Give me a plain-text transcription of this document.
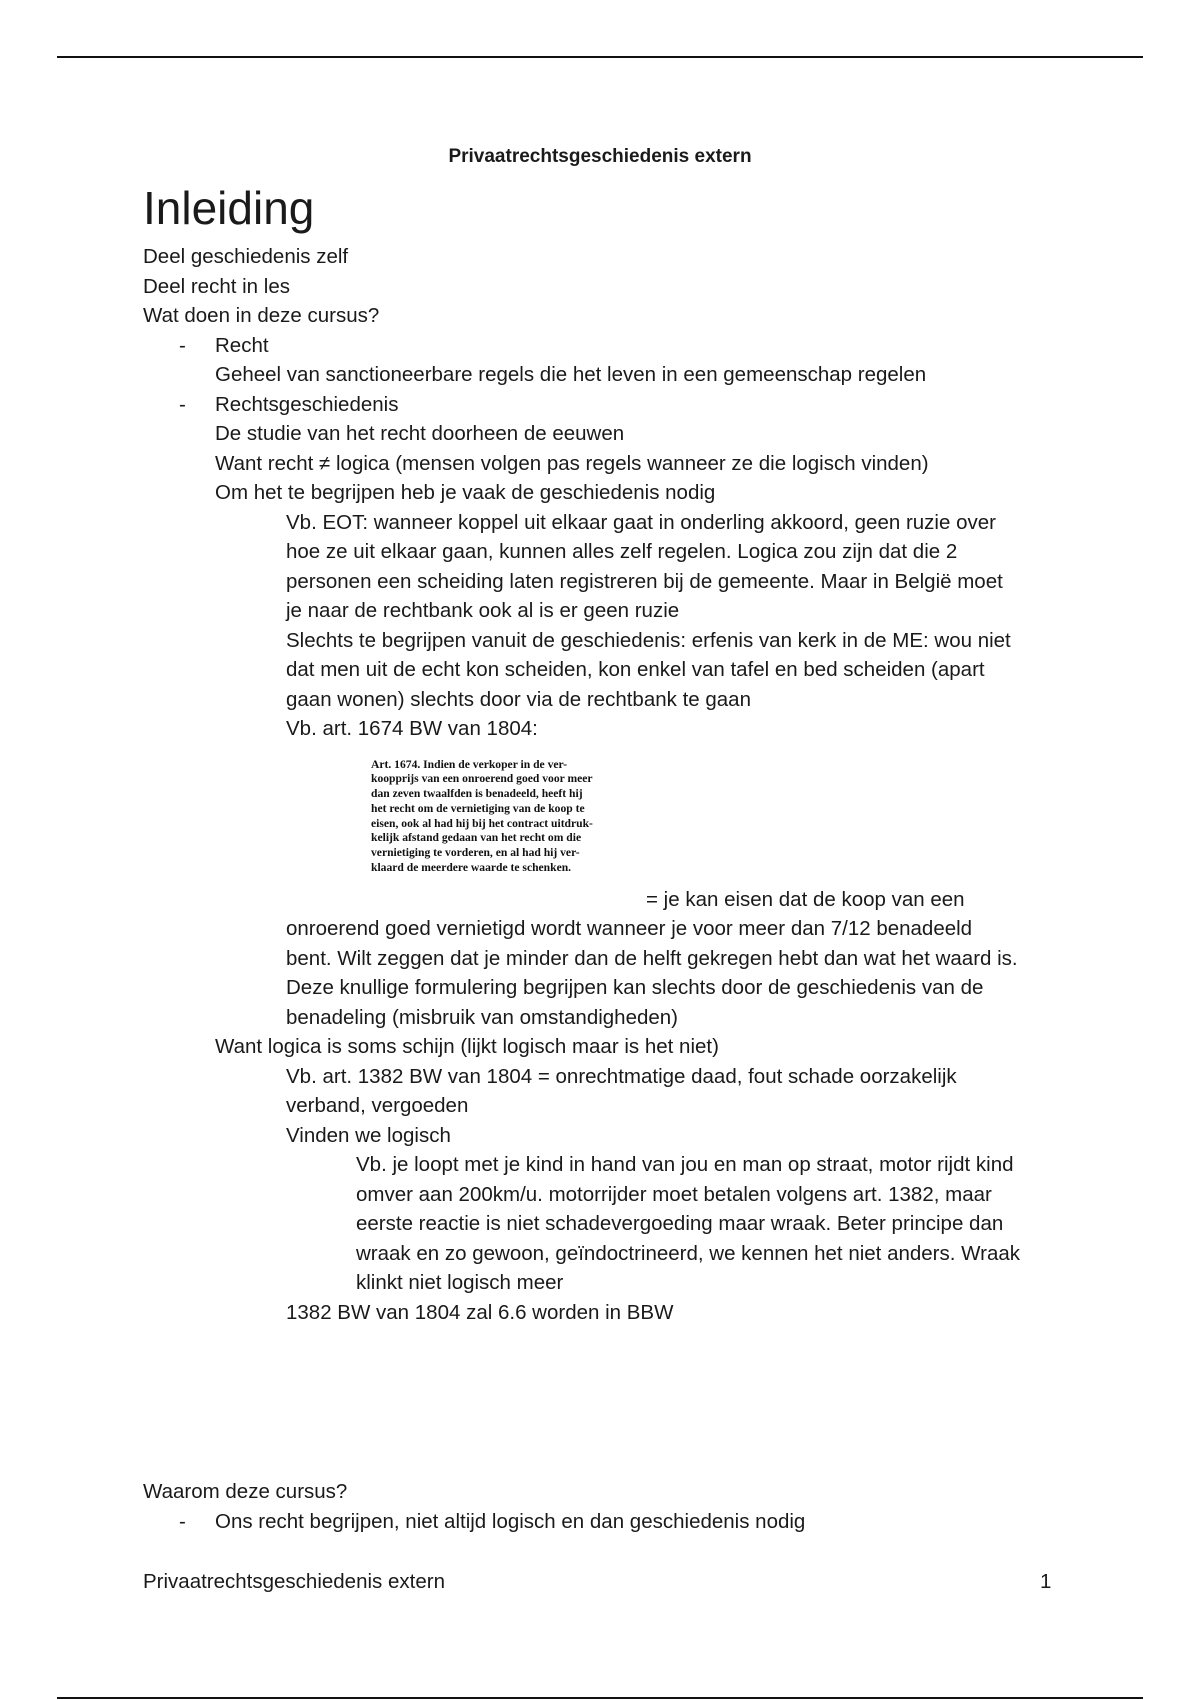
Privaatrechtsgeschiedenis extern
Inleiding
Deel geschiedenis zelf
Deel recht in les
Wat doen in deze cursus?
- Recht
Geheel van sanctioneerbare regels die het leven in een gemeenschap regelen
- Rechtsgeschiedenis
De studie van het recht doorheen de eeuwen
Want recht ≠ logica (mensen volgen pas regels wanneer ze die logisch vinden)
Om het te begrijpen heb je vaak de geschiedenis nodig
Vb. EOT: wanneer koppel uit elkaar gaat in onderling akkoord, geen ruzie over
hoe ze uit elkaar gaan, kunnen alles zelf regelen. Logica zou zijn dat die 2
personen een scheiding laten registreren bij de gemeente. Maar in België moet
je naar de rechtbank ook al is er geen ruzie
Slechts te begrijpen vanuit de geschiedenis: erfenis van kerk in de ME: wou niet
dat men uit de echt kon scheiden, kon enkel van tafel en bed scheiden (apart
gaan wonen) slechts door via de rechtbank te gaan
Vb. art. 1674 BW van 1804:
Art. 1674. Indien de verkoper in de ver-
koopprijs van een onroerend goed voor meer
dan zeven twaalfden is benadeeld, heeft hij
het recht om de vernietiging van de koop te
eisen, ook al had hij bij het contract uitdruk-
kelijk afstand gedaan van het recht om die
vernietiging te vorderen, en al had hij ver-
klaard de meerdere waarde te schenken.
= je kan eisen dat de koop van een
onroerend goed vernietigd wordt wanneer je voor meer dan 7/12 benadeeld
bent. Wilt zeggen dat je minder dan de helft gekregen hebt dan wat het waard is.
Deze knullige formulering begrijpen kan slechts door de geschiedenis van de
benadeling (misbruik van omstandigheden)
Want logica is soms schijn (lijkt logisch maar is het niet)
Vb. art. 1382 BW van 1804 = onrechtmatige daad, fout schade oorzakelijk
verband, vergoeden
Vinden we logisch
Vb. je loopt met je kind in hand van jou en man op straat, motor rijdt kind
omver aan 200km/u. motorrijder moet betalen volgens art. 1382, maar
eerste reactie is niet schadevergoeding maar wraak. Beter principe dan
wraak en zo gewoon, geïndoctrineerd, we kennen het niet anders. Wraak
klinkt niet logisch meer
1382 BW van 1804 zal 6.6 worden in BBW
Waarom deze cursus?
- Ons recht begrijpen, niet altijd logisch en dan geschiedenis nodig
Privaatrechtsgeschiedenis extern	1
